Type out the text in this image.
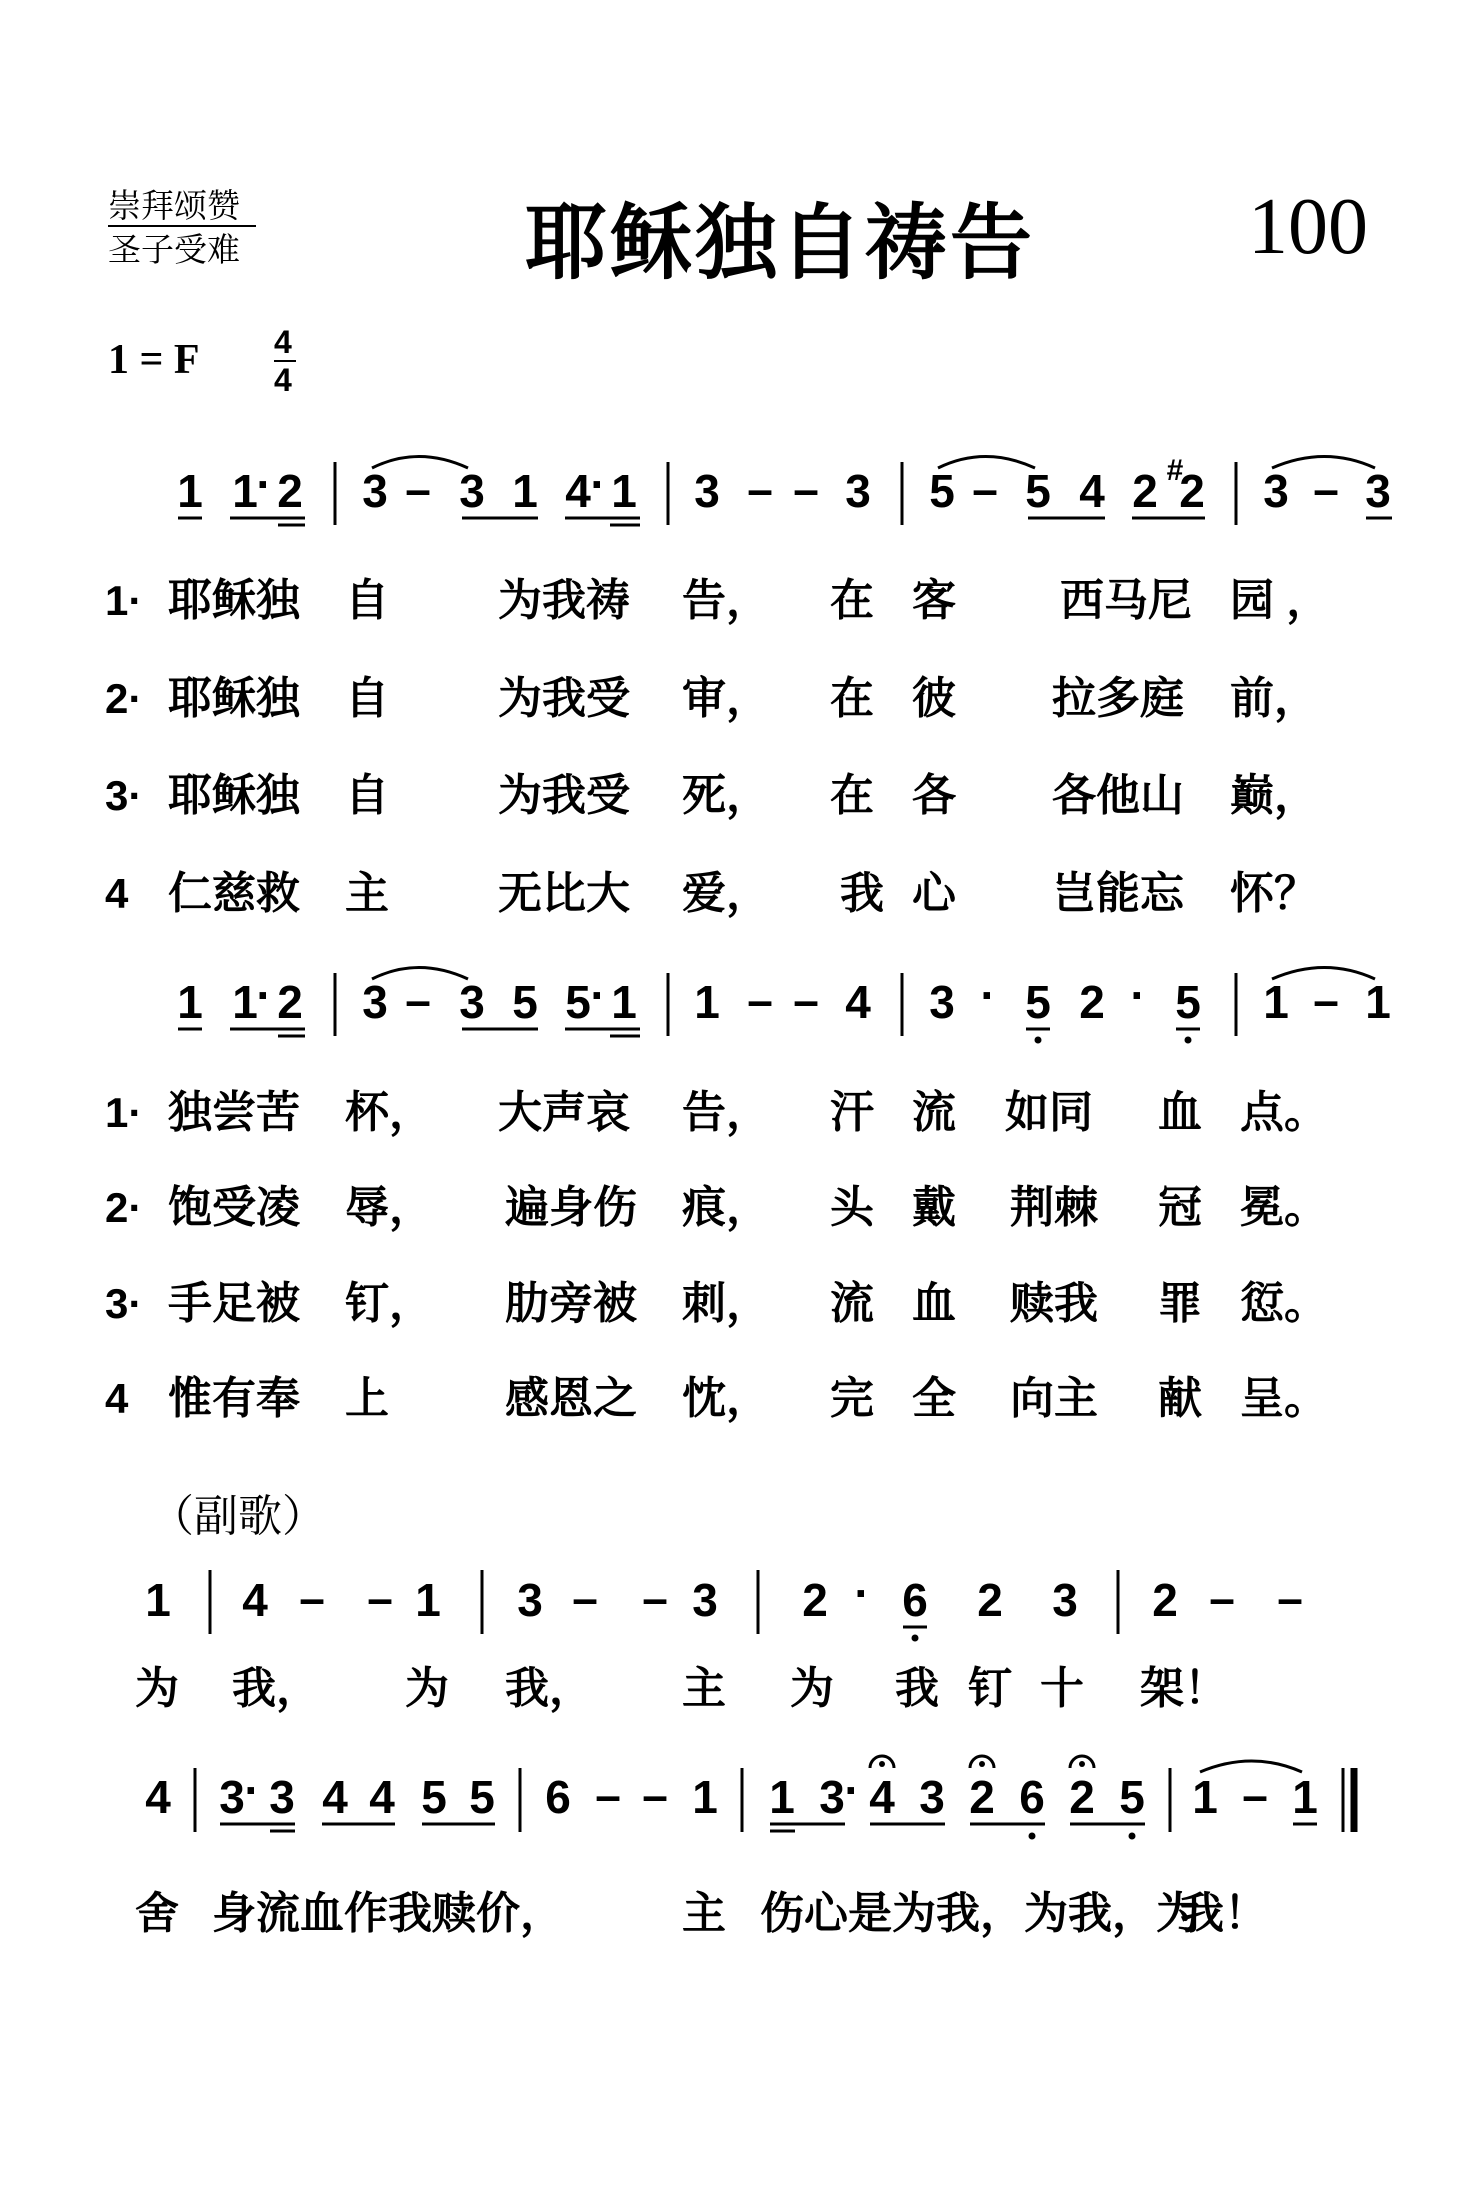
崇拜颂赞
圣子受难	耶稣独自祷告	100
1 = F 4
4
1 1
· 2 3 – 3 1 4 · 1 3 – – 3 5 – 5 4 2 #
2 3 – 3
1·
2·
3·
4
耶稣独 自 为我祷 告， 在 客 西马尼 园 ，
耶稣独 自 为我受 审， 在 彼 拉多庭 前，
耶稣独 自 为我受 死， 在 各 各他山 巅，
仁慈救 主 无比大 爱， 我 心 岂能忘 怀？
1 1
· 2 3 – 3 5 5 · 1 1 – – 4 3 · 5 2 · 5 1 – 1
1·
2·
3·
4
独尝苦 杯， 大声哀 告， 汗 流 如同 血 点。
饱受凌 辱， 遍身伤 痕， 头 戴 荆棘 冠 冕。
手足被 钉， 肋旁被 刺， 流 血 赎我 罪 愆。
惟有奉 上	感恩之 忱， 完 全 向主 献 呈。
（副歌）
1 4 – – 1 3 – – 3 2 · 6 2 3 2 – –
为 我， 为 我， 主 为 我 钉 十 架！
4 3 · 3 4 4 5 5 6 – – 1 1 3 · 4 3 2 6 2 5 1 – 1
舍 身流血作我赎价，	主 伤心是为我，为我，为
我！
